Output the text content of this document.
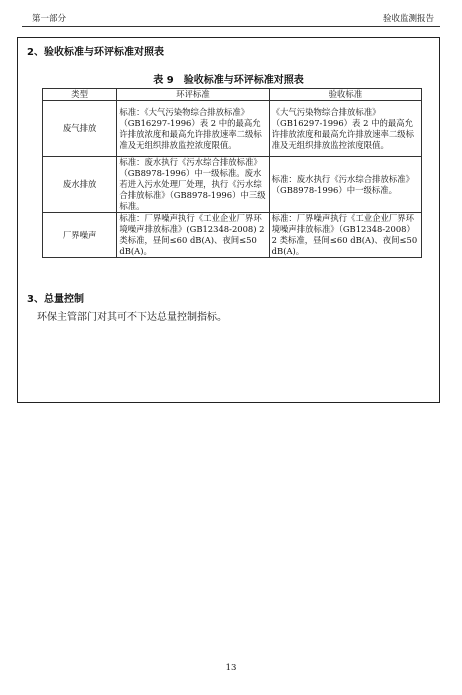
第一部分	验收监测报告
2、验收标准与环评标准对照表
表 9　验收标准与环评标准对照表
类型	环评标准	验收标准
废气排放	标准：《大气污染物综合排放标准》（GB16297-1996）表 2 中的最高允许排放浓度和最高允许排放速率二级标准及无组织排放监控浓度限值。	《大气污染物综合排放标准》（GB16297-1996）表 2 中的最高允许排放浓度和最高允许排放速率二级标准及无组织排放监控浓度限值。
废水排放	标准：废水执行《污水综合排放标准》（GB8978-1996）中一级标准。废水若进入污水处理厂处理，执行《污水综合排放标准》（GB8978-1996）中三级标准。	标准：废水执行《污水综合排放标准》（GB8978-1996）中一级标准。
厂界噪声	标准：厂界噪声执行《工业企业厂界环境噪声排放标准》(GB12348-2008) 2 类标准，昼间≤60 dB(A)、夜间≤50 dB(A)。	标准：厂界噪声执行《工业企业厂界环境噪声排放标准》（GB12348-2008）2 类标准，昼间≤60 dB(A)、夜间≤50 dB(A)。
3、总量控制
环保主管部门对其可不下达总量控制指标。
13
